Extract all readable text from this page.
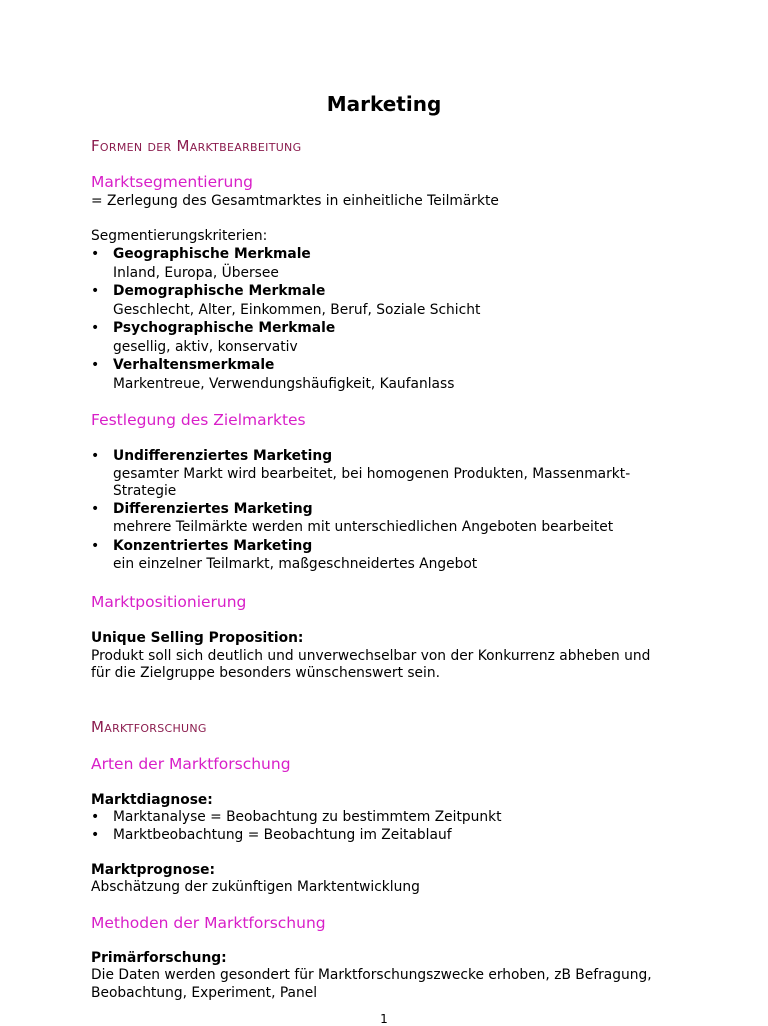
Marketing
Formen der Marktbearbeitung
Marktsegmentierung
= Zerlegung des Gesamtmarktes in einheitliche Teilmärkte
Segmentierungskriterien:
• Geographische Merkmale
Inland, Europa, Übersee
• Demographische Merkmale
Geschlecht, Alter, Einkommen, Beruf, Soziale Schicht
• Psychographische Merkmale
gesellig, aktiv, konservativ
• Verhaltensmerkmale
Markentreue, Verwendungshäufigkeit, Kaufanlass
Festlegung des Zielmarktes
• Undifferenziertes Marketing
gesamter Markt wird bearbeitet, bei homogenen Produkten, Massenmarkt-Strategie
• Differenziertes Marketing
mehrere Teilmärkte werden mit unterschiedlichen Angeboten bearbeitet
• Konzentriertes Marketing
ein einzelner Teilmarkt, maßgeschneidertes Angebot
Marktpositionierung
Unique Selling Proposition:
Produkt soll sich deutlich und unverwechselbar von der Konkurrenz abheben und
für die Zielgruppe besonders wünschenswert sein.
Marktforschung
Arten der Marktforschung
Marktdiagnose:
• Marktanalyse = Beobachtung zu bestimmtem Zeitpunkt
• Marktbeobachtung = Beobachtung im Zeitablauf
Marktprognose:
Abschätzung der zukünftigen Marktentwicklung
Methoden der Marktforschung
Primärforschung:
Die Daten werden gesondert für Marktforschungszwecke erhoben, zB Befragung,
Beobachtung, Experiment, Panel
1
